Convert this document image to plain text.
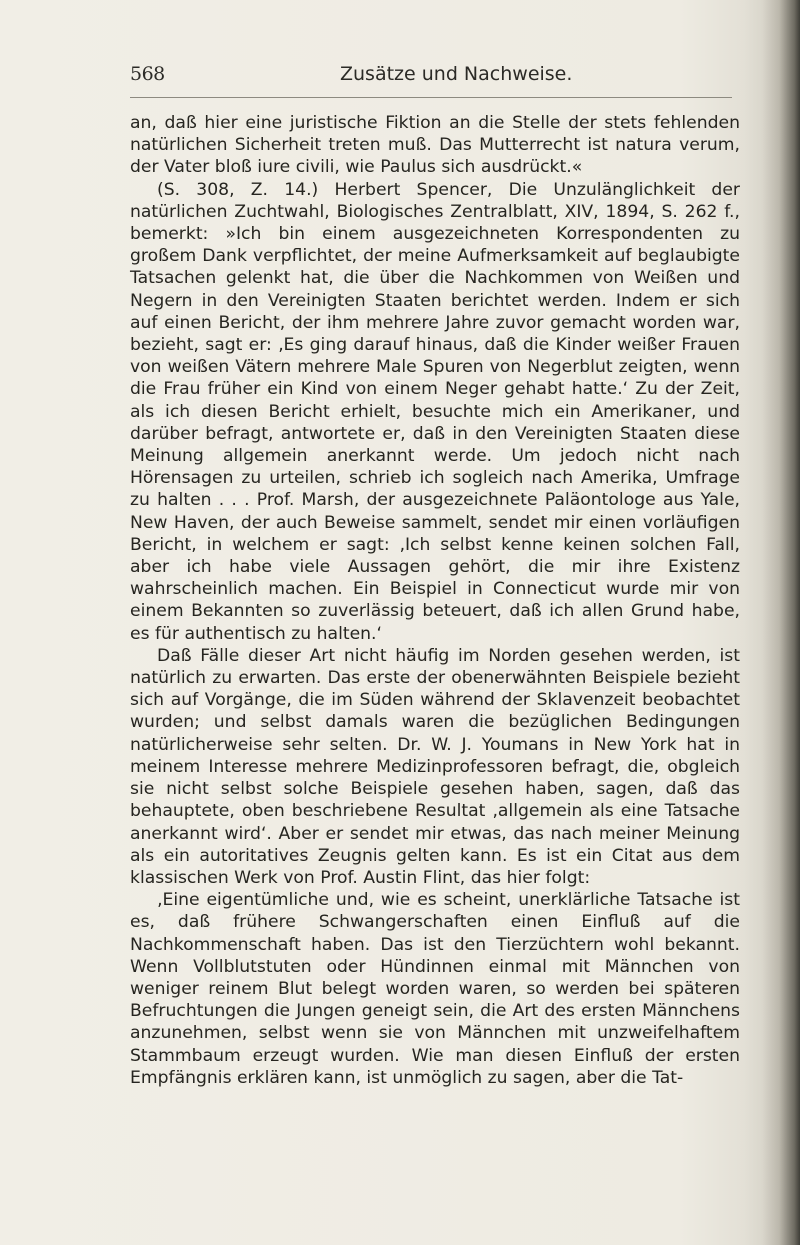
568	Zusätze und Nachweise.

an, daß hier eine juristische Fiktion an die Stelle der stets fehlenden natürlichen Sicherheit treten muß. Das Mutterrecht ist natura verum, der Vater bloß iure civili, wie Paulus sich ausdrückt.«

(S. 308, Z. 14.) Herbert Spencer, Die Unzulänglichkeit der natürlichen Zuchtwahl, Biologisches Zentralblatt, XIV, 1894, S. 262 f., bemerkt: »Ich bin einem ausgezeichneten Korrespondenten zu großem Dank verpflichtet, der meine Aufmerksamkeit auf beglaubigte Tatsachen gelenkt hat, die über die Nachkommen von Weißen und Negern in den Vereinigten Staaten berichtet werden. Indem er sich auf einen Bericht, der ihm mehrere Jahre zuvor gemacht worden war, bezieht, sagt er: ‚Es ging darauf hinaus, daß die Kinder weißer Frauen von weißen Vätern mehrere Male Spuren von Negerblut zeigten, wenn die Frau früher ein Kind von einem Neger gehabt hatte.‘ Zu der Zeit, als ich diesen Bericht erhielt, besuchte mich ein Amerikaner, und darüber befragt, antwortete er, daß in den Vereinigten Staaten diese Meinung allgemein anerkannt werde. Um jedoch nicht nach Hörensagen zu urteilen, schrieb ich sogleich nach Amerika, Umfrage zu halten . . . Prof. Marsh, der ausgezeichnete Paläontologe aus Yale, New Haven, der auch Beweise sammelt, sendet mir einen vorläufigen Bericht, in welchem er sagt: ‚Ich selbst kenne keinen solchen Fall, aber ich habe viele Aussagen gehört, die mir ihre Existenz wahrscheinlich machen. Ein Beispiel in Connecticut wurde mir von einem Bekannten so zuverlässig beteuert, daß ich allen Grund habe, es für authentisch zu halten.‘

Daß Fälle dieser Art nicht häufig im Norden gesehen werden, ist natürlich zu erwarten. Das erste der obenerwähnten Beispiele bezieht sich auf Vorgänge, die im Süden während der Sklavenzeit beobachtet wurden; und selbst damals waren die bezüglichen Bedingungen natürlicherweise sehr selten. Dr. W. J. Youmans in New York hat in meinem Interesse mehrere Medizinprofessoren befragt, die, obgleich sie nicht selbst solche Beispiele gesehen haben, sagen, daß das behauptete, oben beschriebene Resultat ‚allgemein als eine Tatsache anerkannt wird‘. Aber er sendet mir etwas, das nach meiner Meinung als ein autoritatives Zeugnis gelten kann. Es ist ein Citat aus dem klassischen Werk von Prof. Austin Flint, das hier folgt:

‚Eine eigentümliche und, wie es scheint, unerklärliche Tatsache ist es, daß frühere Schwangerschaften einen Einfluß auf die Nachkommenschaft haben. Das ist den Tierzüchtern wohl bekannt. Wenn Vollblutstuten oder Hündinnen einmal mit Männchen von weniger reinem Blut belegt worden waren, so werden bei späteren Befruchtungen die Jungen geneigt sein, die Art des ersten Männchens anzunehmen, selbst wenn sie von Männchen mit unzweifelhaftem Stammbaum erzeugt wurden. Wie man diesen Einfluß der ersten Empfängnis erklären kann, ist unmöglich zu sagen, aber die Tat-
